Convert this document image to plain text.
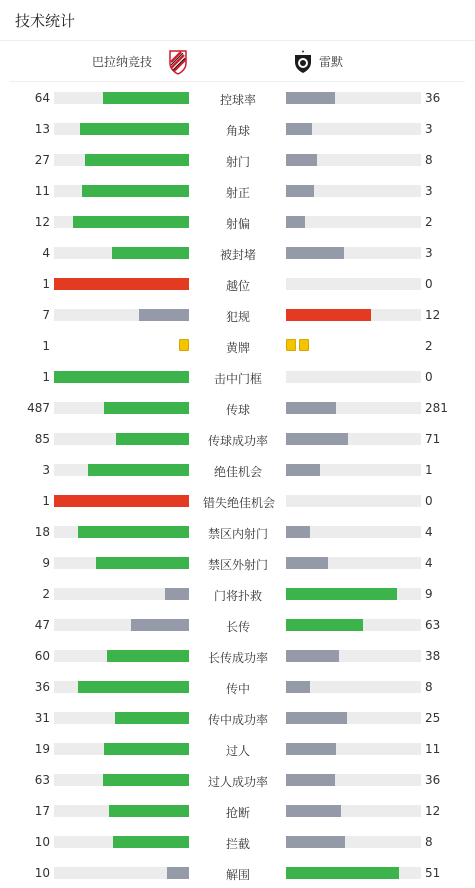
技术统计
巴拉纳竞技	雷默
64	控球率	36
13	角球	3
27	射门	8
11	射正	3
12	射偏	2
4	被封堵	3
1	越位	0
7	犯规	12
1	黄牌	2
1	击中门框	0
487	传球	281
85	传球成功率	71
3	绝佳机会	1
1	错失绝佳机会	0
18	禁区内射门	4
9	禁区外射门	4
2	门将扑救	9
47	长传	63
60	长传成功率	38
36	传中	8
31	传中成功率	25
19	过人	11
63	过人成功率	36
17	抢断	12
10	拦截	8
10	解围	51
